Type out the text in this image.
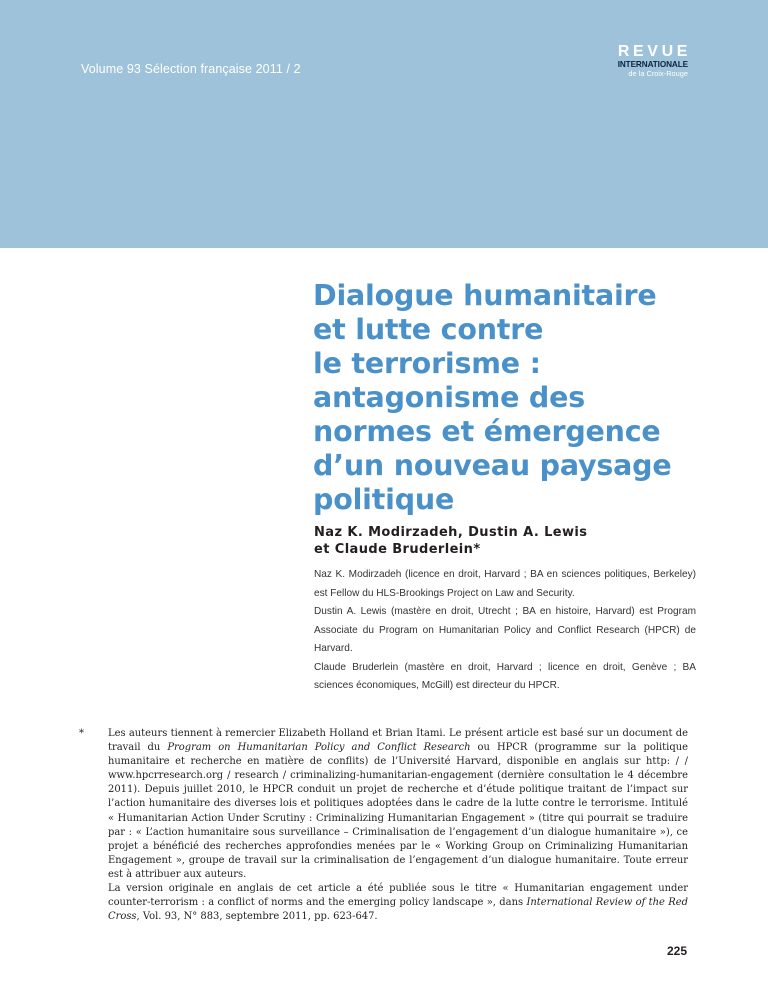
Volume 93 Sélection française 2011 / 2
REVUE
INTERNATIONALE
de la Croix-Rouge
Dialogue humanitaire
et lutte contre
le terrorisme :
antagonisme des
normes et émergence
d’un nouveau paysage
politique
Naz K. Modirzadeh, Dustin A. Lewis
et Claude Bruderlein*

Naz K. Modirzadeh (licence en droit, Harvard ; BA en sciences politiques, Berkeley) est Fellow du HLS-Brookings Project on Law and Security.

Dustin A. Lewis (mastère en droit, Utrecht ; BA en histoire, Harvard) est Program Associate du Program on Humanitarian Policy and Conflict Research (HPCR) de Harvard.

Claude Bruderlein (mastère en droit, Harvard ; licence en droit, Genève ; BA sciences économiques, McGill) est directeur du HPCR.

* Les auteurs tiennent à remercier Elizabeth Holland et Brian Itami. Le présent article est basé sur un document de travail du Program on Humanitarian Policy and Conflict Research ou HPCR (programme sur la politique humanitaire et recherche en matière de conflits) de l’Université Harvard, disponible en anglais sur http: / / www.hpcrresearch.org / research / criminalizing-humanitarian-engagement (dernière consultation le 4 décembre 2011). Depuis juillet 2010, le HPCR conduit un projet de recherche et d’étude politique traitant de l’impact sur l’action humanitaire des diverses lois et politiques adoptées dans le cadre de la lutte contre le terrorisme. Intitulé « Humanitarian Action Under Scrutiny : Criminalizing Humanitarian Engagement » (titre qui pourrait se traduire par : « L’action humanitaire sous surveillance – Criminalisation de l’engagement d’un dialogue humanitaire »), ce projet a bénéficié des recherches approfondies menées par le « Working Group on Criminalizing Humanitarian Engagement », groupe de travail sur la criminalisation de l’engagement d’un dialogue humanitaire. Toute erreur est à attribuer aux auteurs.

La version originale en anglais de cet article a été publiée sous le titre « Humanitarian engagement under counter-terrorism : a conflict of norms and the emerging policy landscape », dans International Review of the Red Cross, Vol. 93, N° 883, septembre 2011, pp. 623-647.

225
